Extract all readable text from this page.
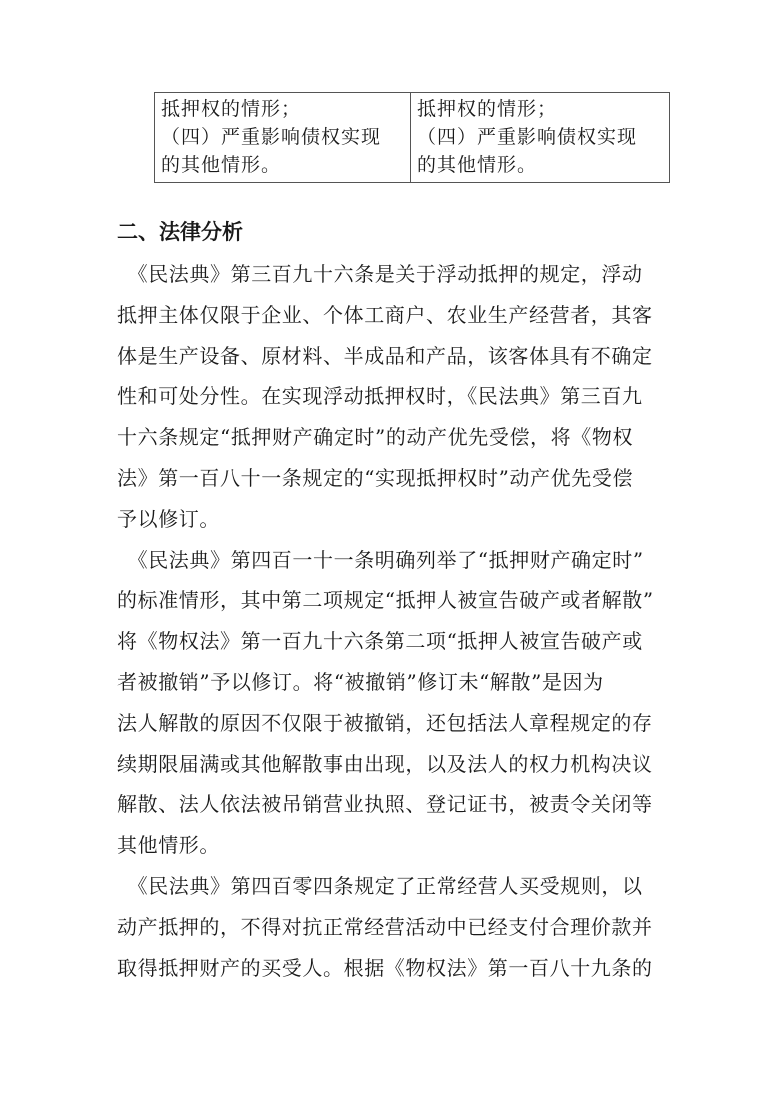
抵押权的情形；
（四）严重影响债权实现
的其他情形。

抵押权的情形；
（四）严重影响债权实现
的其他情形。
二、法律分析
　《民法典》第三百九十六条是关于浮动抵押的规定，浮动
抵押主体仅限于企业、个体工商户、农业生产经营者，其客
体是生产设备、原材料、半成品和产品，该客体具有不确定
性和可处分性。在实现浮动抵押权时，《民法典》第三百九
十六条规定“抵押财产确定时”的动产优先受偿，将《物权
法》第一百八十一条规定的“实现抵押权时”动产优先受偿
予以修订。
　《民法典》第四百一十一条明确列举了“抵押财产确定时”
的标准情形，其中第二项规定“抵押人被宣告破产或者解散”
将《物权法》第一百九十六条第二项“抵押人被宣告破产或
者被撤销”予以修订。将“被撤销”修订未“解散”是因为
法人解散的原因不仅限于被撤销，还包括法人章程规定的存
续期限届满或其他解散事由出现，以及法人的权力机构决议
解散、法人依法被吊销营业执照、登记证书，被责令关闭等
其他情形。
　《民法典》第四百零四条规定了正常经营人买受规则，以
动产抵押的，不得对抗正常经营活动中已经支付合理价款并
取得抵押财产的买受人。根据《物权法》第一百八十九条的
